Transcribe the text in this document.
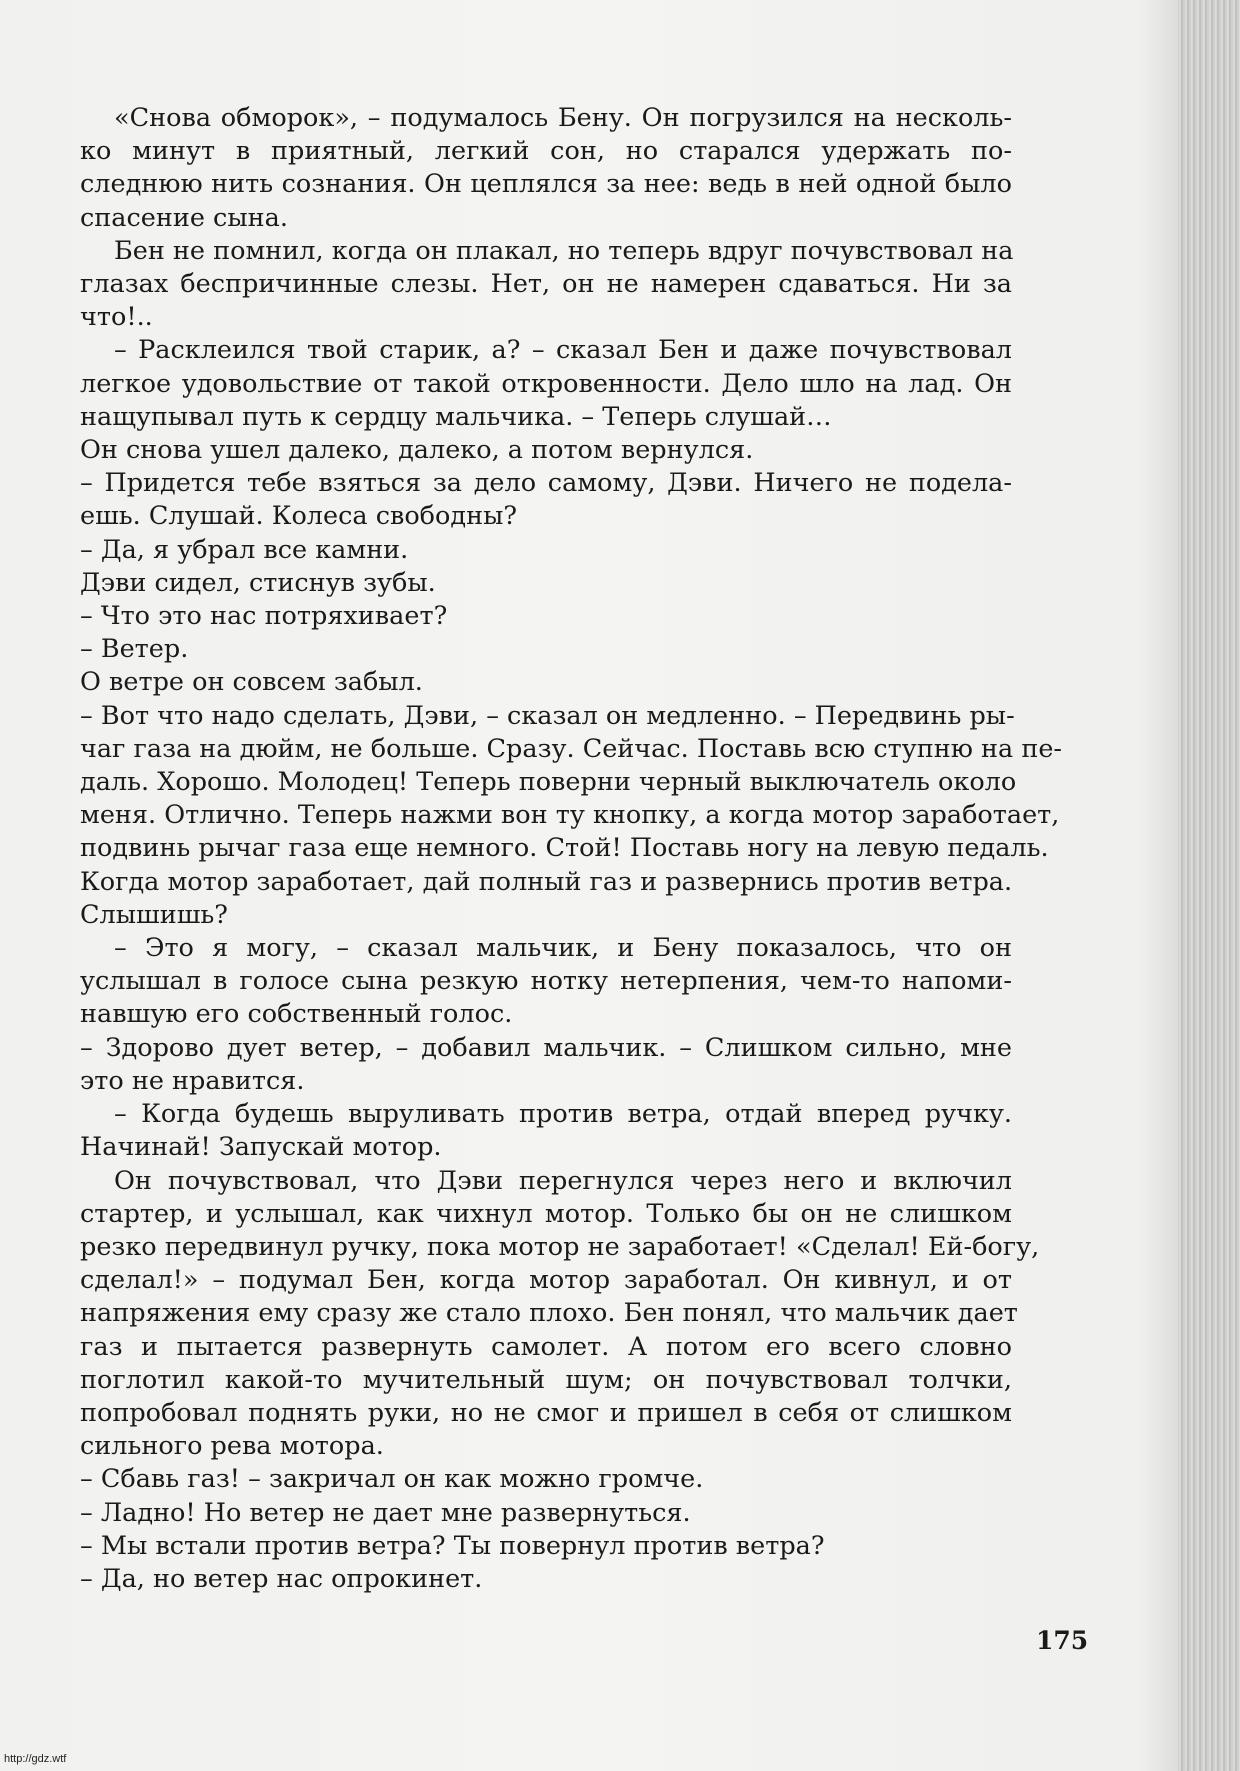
«Снова обморок», – подумалось Бену. Он погрузился на несколь-
ко минут в приятный, легкий сон, но старался удержать по-
следнюю нить сознания. Он цеплялся за нее: ведь в ней одной было
спасение сына.
Бен не помнил, когда он плакал, но теперь вдруг почувствовал на
глазах беспричинные слезы. Нет, он не намерен сдаваться. Ни за
что!..
– Расклеился твой старик, а? – сказал Бен и даже почувствовал
легкое удовольствие от такой откровенности. Дело шло на лад. Он
нащупывал путь к сердцу мальчика. – Теперь слушай…
Он снова ушел далеко, далеко, а потом вернулся.
– Придется тебе взяться за дело самому, Дэви. Ничего не подела-
ешь. Слушай. Колеса свободны?
– Да, я убрал все камни.
Дэви сидел, стиснув зубы.
– Что это нас потряхивает?
– Ветер.
О ветре он совсем забыл.
– Вот что надо сделать, Дэви, – сказал он медленно. – Передвинь ры-
чаг газа на дюйм, не больше. Сразу. Сейчас. Поставь всю ступню на пе-
даль. Хорошо. Молодец! Теперь поверни черный выключатель около
меня. Отлично. Теперь нажми вон ту кнопку, а когда мотор заработает,
подвинь рычаг газа еще немного. Стой! Поставь ногу на левую педаль.
Когда мотор заработает, дай полный газ и развернись против ветра.
Слышишь?
– Это я могу, – сказал мальчик, и Бену показалось, что он
услышал в голосе сына резкую нотку нетерпения, чем-то напоми-
навшую его собственный голос.
– Здорово дует ветер, – добавил мальчик. – Слишком сильно, мне
это не нравится.
– Когда будешь выруливать против ветра, отдай вперед ручку.
Начинай! Запускай мотор.
Он почувствовал, что Дэви перегнулся через него и включил
стартер, и услышал, как чихнул мотор. Только бы он не слишком
резко передвинул ручку, пока мотор не заработает! «Сделал! Ей-богу,
сделал!» – подумал Бен, когда мотор заработал. Он кивнул, и от
напряжения ему сразу же стало плохо. Бен понял, что мальчик дает
газ и пытается развернуть самолет. А потом его всего словно
поглотил какой-то мучительный шум; он почувствовал толчки,
попробовал поднять руки, но не смог и пришел в себя от слишком
сильного рева мотора.
– Сбавь газ! – закричал он как можно громче.
– Ладно! Но ветер не дает мне развернуться.
– Мы встали против ветра? Ты повернул против ветра?
– Да, но ветер нас опрокинет.
175
http://gdz.wtf
